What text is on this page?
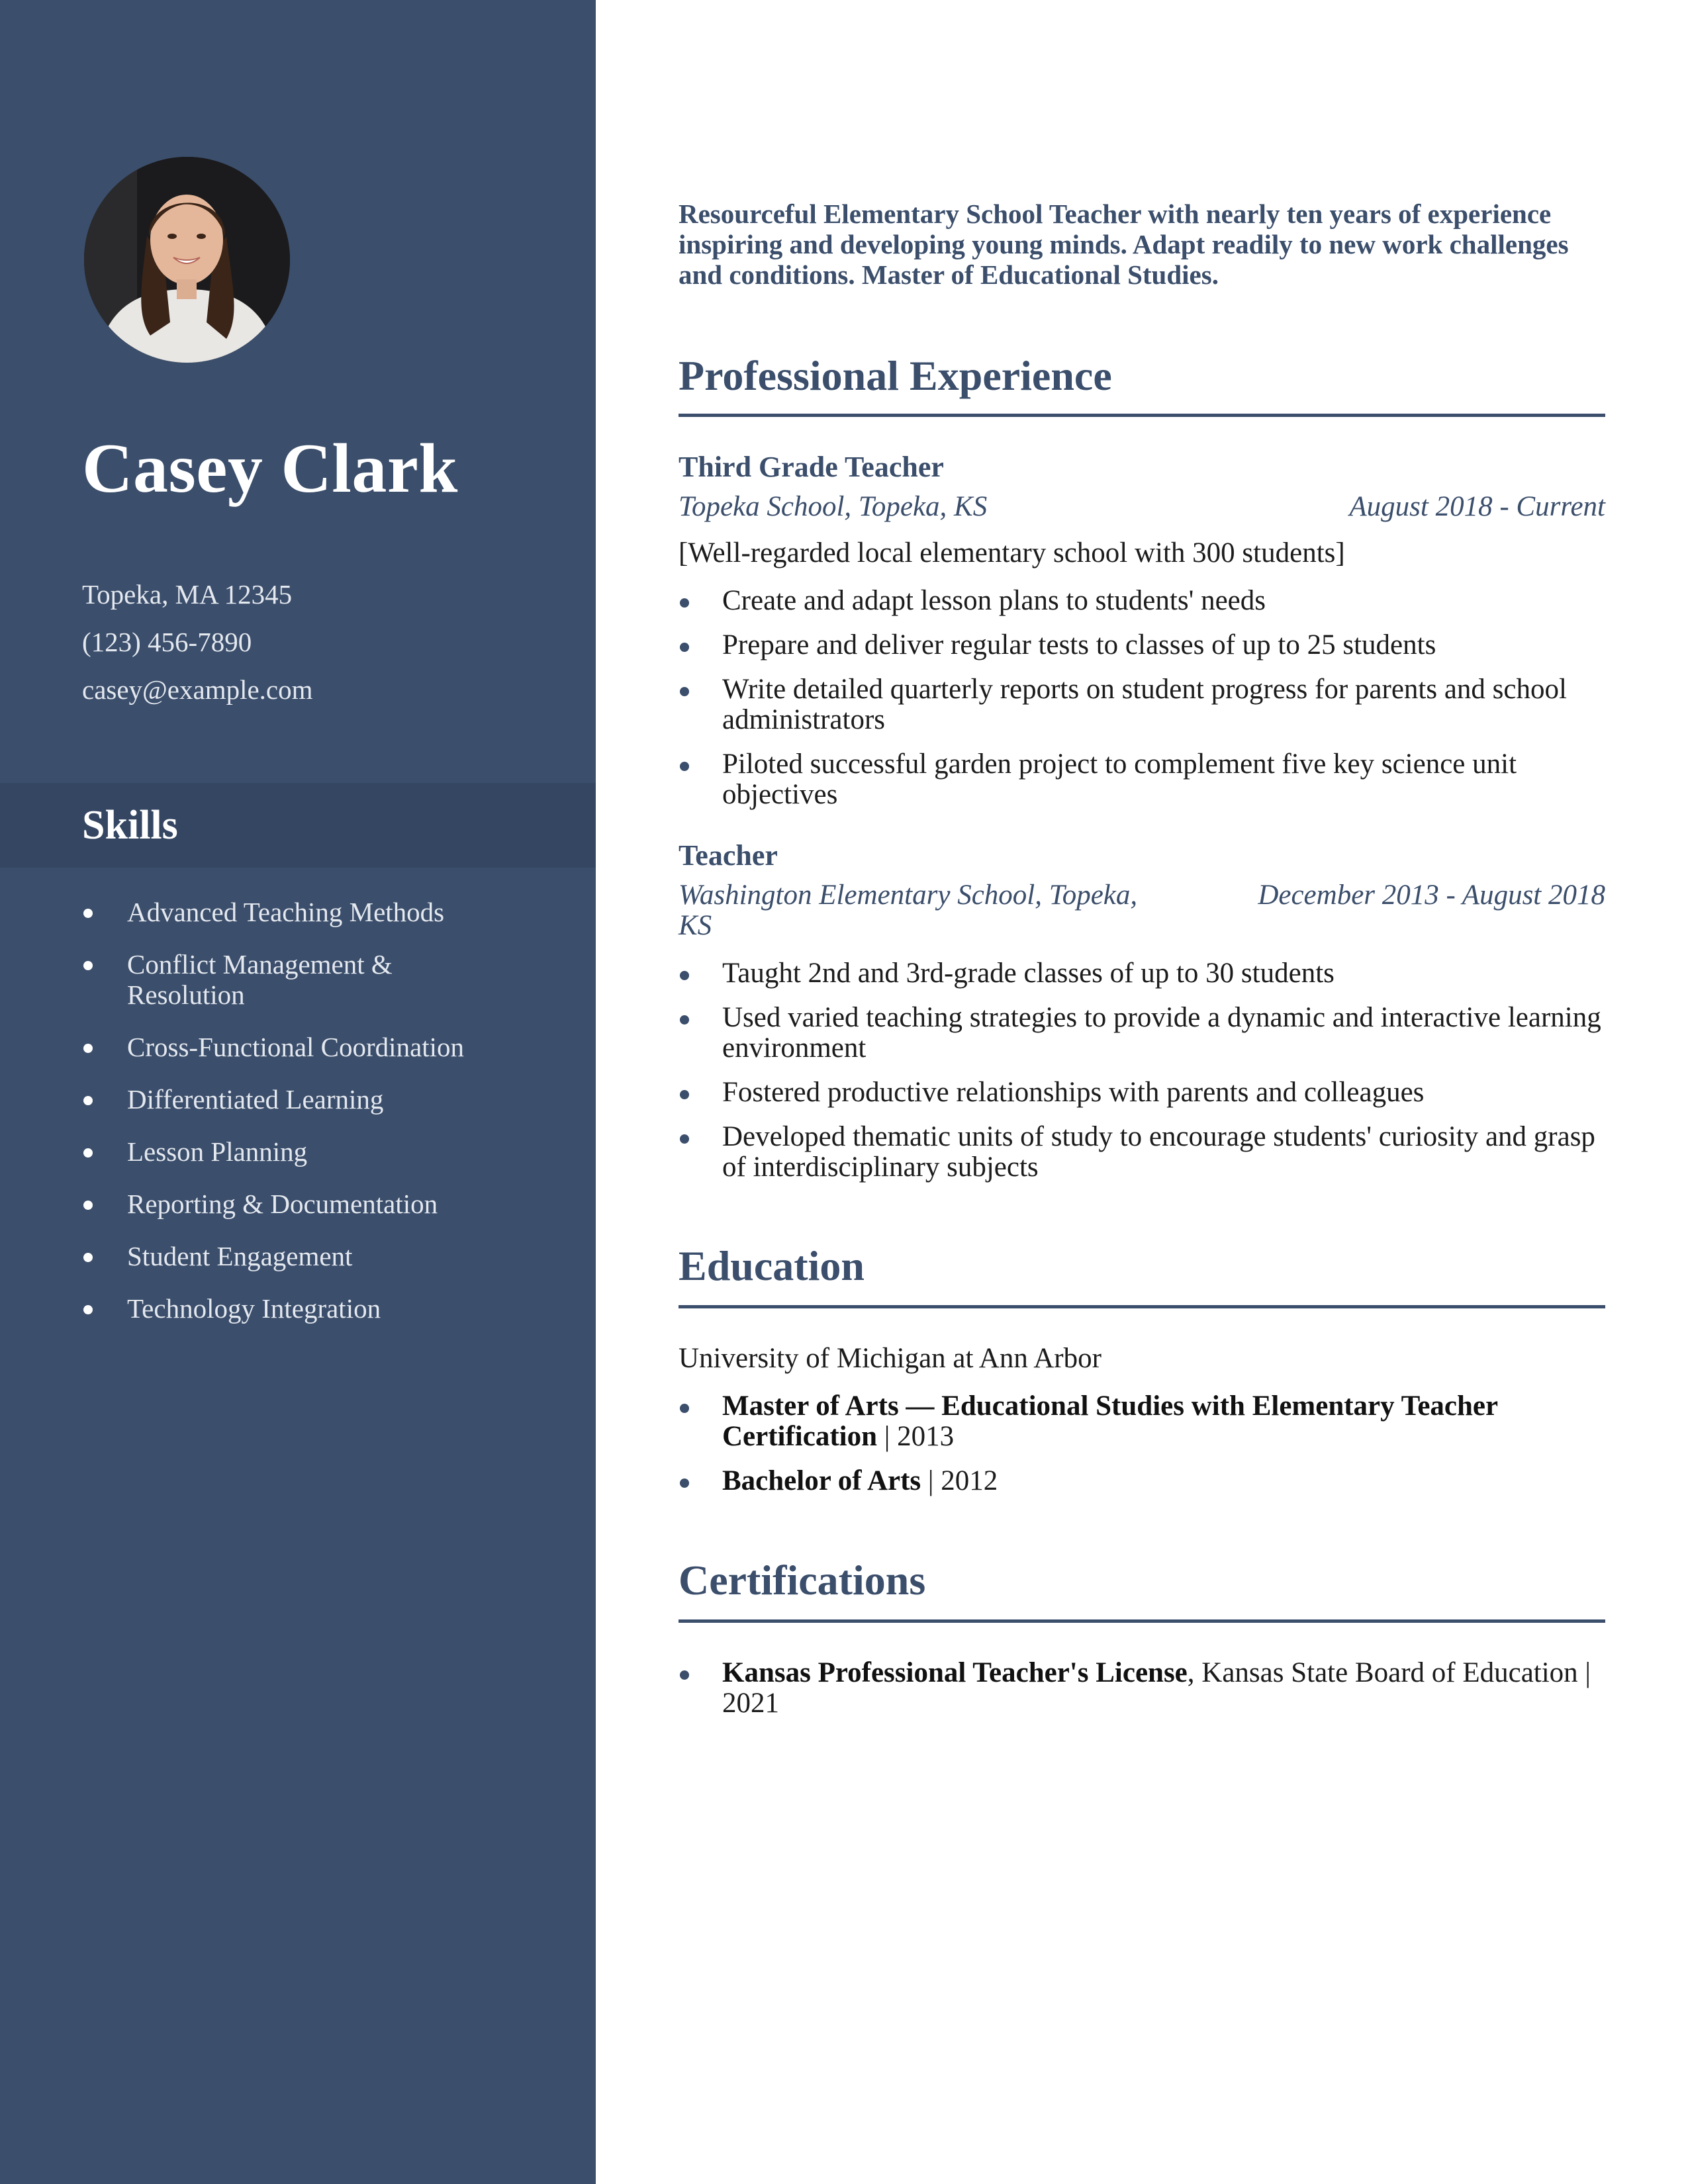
Casey Clark
Topeka, MA 12345
(123) 456-7890
casey@example.com
Skills
Advanced Teaching Methods
Conflict Management & Resolution
Cross-Functional Coordination
Differentiated Learning
Lesson Planning
Reporting & Documentation
Student Engagement
Technology Integration

Resourceful Elementary School Teacher with nearly ten years of experience inspiring and developing young minds. Adapt readily to new work challenges and conditions. Master of Educational Studies.

Professional Experience
Third Grade Teacher
Topeka School, Topeka, KS	August 2018 - Current
[Well-regarded local elementary school with 300 students]
Create and adapt lesson plans to students' needs
Prepare and deliver regular tests to classes of up to 25 students
Write detailed quarterly reports on student progress for parents and school administrators
Piloted successful garden project to complement five key science unit objectives
Teacher
Washington Elementary School, Topeka, KS
December 2013 - August 2018
Taught 2nd and 3rd-grade classes of up to 30 students
Used varied teaching strategies to provide a dynamic and interactive learning environment
Fostered productive relationships with parents and colleagues
Developed thematic units of study to encourage students' curiosity and grasp of interdisciplinary subjects
Education
University of Michigan at Ann Arbor
Master of Arts — Educational Studies with Elementary Teacher Certification | 2013
Bachelor of Arts | 2012
Certifications
Kansas Professional Teacher's License, Kansas State Board of Education | 2021
